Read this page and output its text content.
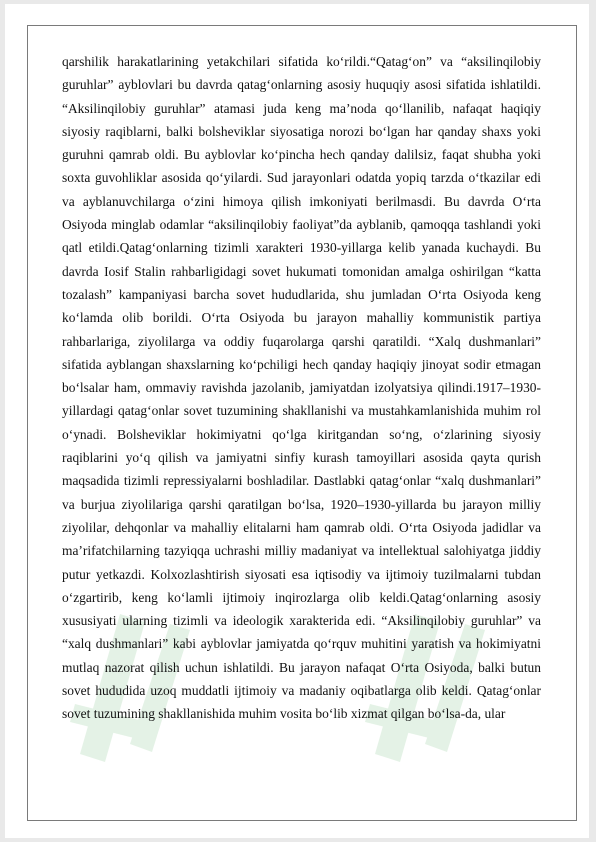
qarshilik harakatlarining yetakchilari sifatida ko‘rildi.“Qatag‘on” va “aksilinqilobiy guruhlar” ayblovlari bu davrda qatag‘onlarning asosiy huquqiy asosi sifatida ishlatildi. “Aksilinqilobiy guruhlar” atamasi juda keng ma’noda qo‘llanilib, nafaqat haqiqiy siyosiy raqiblarni, balki bolsheviklar siyosatiga norozi bo‘lgan har qanday shaxs yoki guruhni qamrab oldi. Bu ayblovlar ko‘pincha hech qanday dalilsiz, faqat shubha yoki soxta guvohliklar asosida qo‘yilardi. Sud jarayonlari odatda yopiq tarzda o‘tkazilar edi va ayblanuvchilarga o‘zini himoya qilish imkoniyati berilmasdi. Bu davrda O‘rta Osiyoda minglab odamlar “aksilinqilobiy faoliyat”da ayblanib, qamoqqa tashlandi yoki qatl etildi.Qatag‘onlarning tizimli xarakteri 1930-yillarga kelib yanada kuchaydi. Bu davrda Iosif Stalin rahbarligidagi sovet hukumati tomonidan amalga oshirilgan “katta tozalash” kampaniyasi barcha sovet hududlarida, shu jumladan O‘rta Osiyoda keng ko‘lamda olib borildi. O‘rta Osiyoda bu jarayon mahalliy kommunistik partiya rahbarlariga, ziyolilarga va oddiy fuqarolarga qarshi qaratildi. “Xalq dushmanlari” sifatida ayblangan shaxslarning ko‘pchiligi hech qanday haqiqiy jinoyat sodir etmagan bo‘lsalar ham, ommaviy ravishda jazolanib, jamiyatdan izolyatsiya qilindi.1917–1930-yillardagi qatag‘onlar sovet tuzumining shakllanishi va mustahkamlanishida muhim rol o‘ynadi. Bolsheviklar hokimiyatni qo‘lga kiritgandan so‘ng, o‘zlarining siyosiy raqiblarini yo‘q qilish va jamiyatni sinfiy kurash tamoyillari asosida qayta qurish maqsadida tizimli repressiyalarni boshladilar. Dastlabki qatag‘onlar “xalq dushmanlari” va burjua ziyolilariga qarshi qaratilgan bo‘lsa, 1920–1930-yillarda bu jarayon milliy ziyolilar, dehqonlar va mahalliy elitalarni ham qamrab oldi. O‘rta Osiyoda jadidlar va ma’rifatchilarning tazyiqqa uchrashi milliy madaniyat va intellektual salohiyatga jiddiy putur yetkazdi. Kolxozlashtirish siyosati esa iqtisodiy va ijtimoiy tuzilmalarni tubdan o‘zgartirib, keng ko‘lamli ijtimoiy inqirozlarga olib keldi.Qatag‘onlarning asosiy xususiyati ularning tizimli va ideologik xarakterida edi. “Aksilinqilobiy guruhlar” va “xalq dushmanlari” kabi ayblovlar jamiyatda qo‘rquv muhitini yaratish va hokimiyatni mutlaq nazorat qilish uchun ishlatildi. Bu jarayon nafaqat O‘rta Osiyoda, balki butun sovet hududida uzoq muddatli ijtimoiy va madaniy oqibatlarga olib keldi. Qatag‘onlar sovet tuzumining shakllanishida muhim vosita bo‘lib xizmat qilgan bo‘lsa-da, ular
